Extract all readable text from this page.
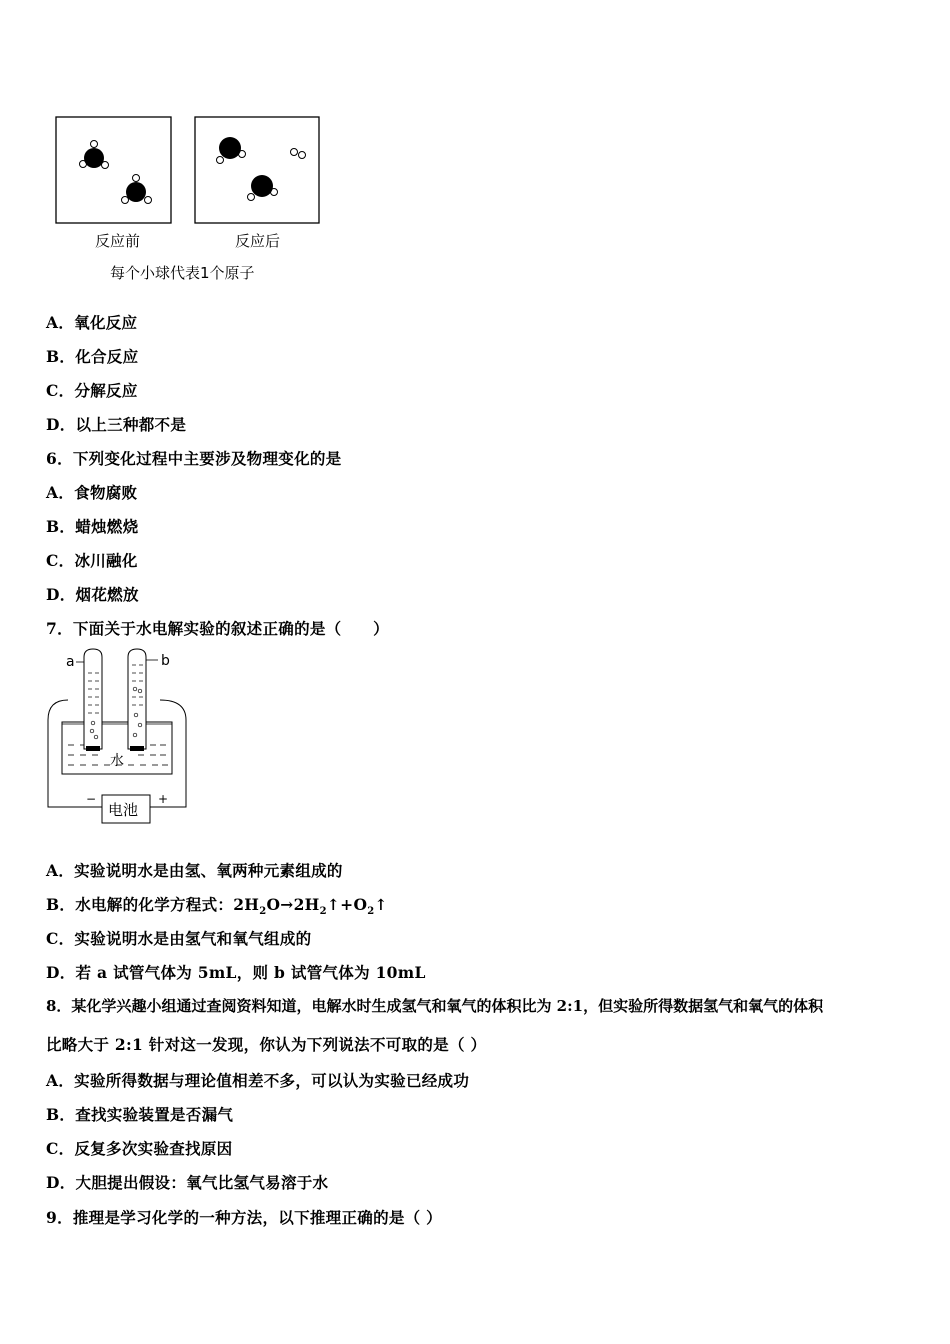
反应前	反应后
每个小球代表1个原子
A．氧化反应
B．化合反应
C．分解反应
D．以上三种都不是
6．下列变化过程中主要涉及物理变化的是
A．食物腐败
B．蜡烛燃烧
C．冰川融化
D．烟花燃放
7．下面关于水电解实验的叙述正确的是（　　）
水
a	b
电池
−	+
A．实验说明水是由氢、氧两种元素组成的
B．水电解的化学方程式：$2H_2O\to 2H_2↑+O_2↑$
C．实验说明水是由氢气和氧气组成的
D．若 a 试管气体为 5mL，则 b 试管气体为 10mL
8．某化学兴趣小组通过查阅资料知道，电解水时生成氢气和氧气的体积比为 2:1，但实验所得数据氢气和氧气的体积
比略大于 2:1 针对这一发现，你认为下列说法不可取的是（ ）
A．实验所得数据与理论值相差不多，可以认为实验已经成功
B．查找实验装置是否漏气
C．反复多次实验查找原因
D．大胆提出假设：氧气比氢气易溶于水
9．推理是学习化学的一种方法，以下推理正确的是（ ）
